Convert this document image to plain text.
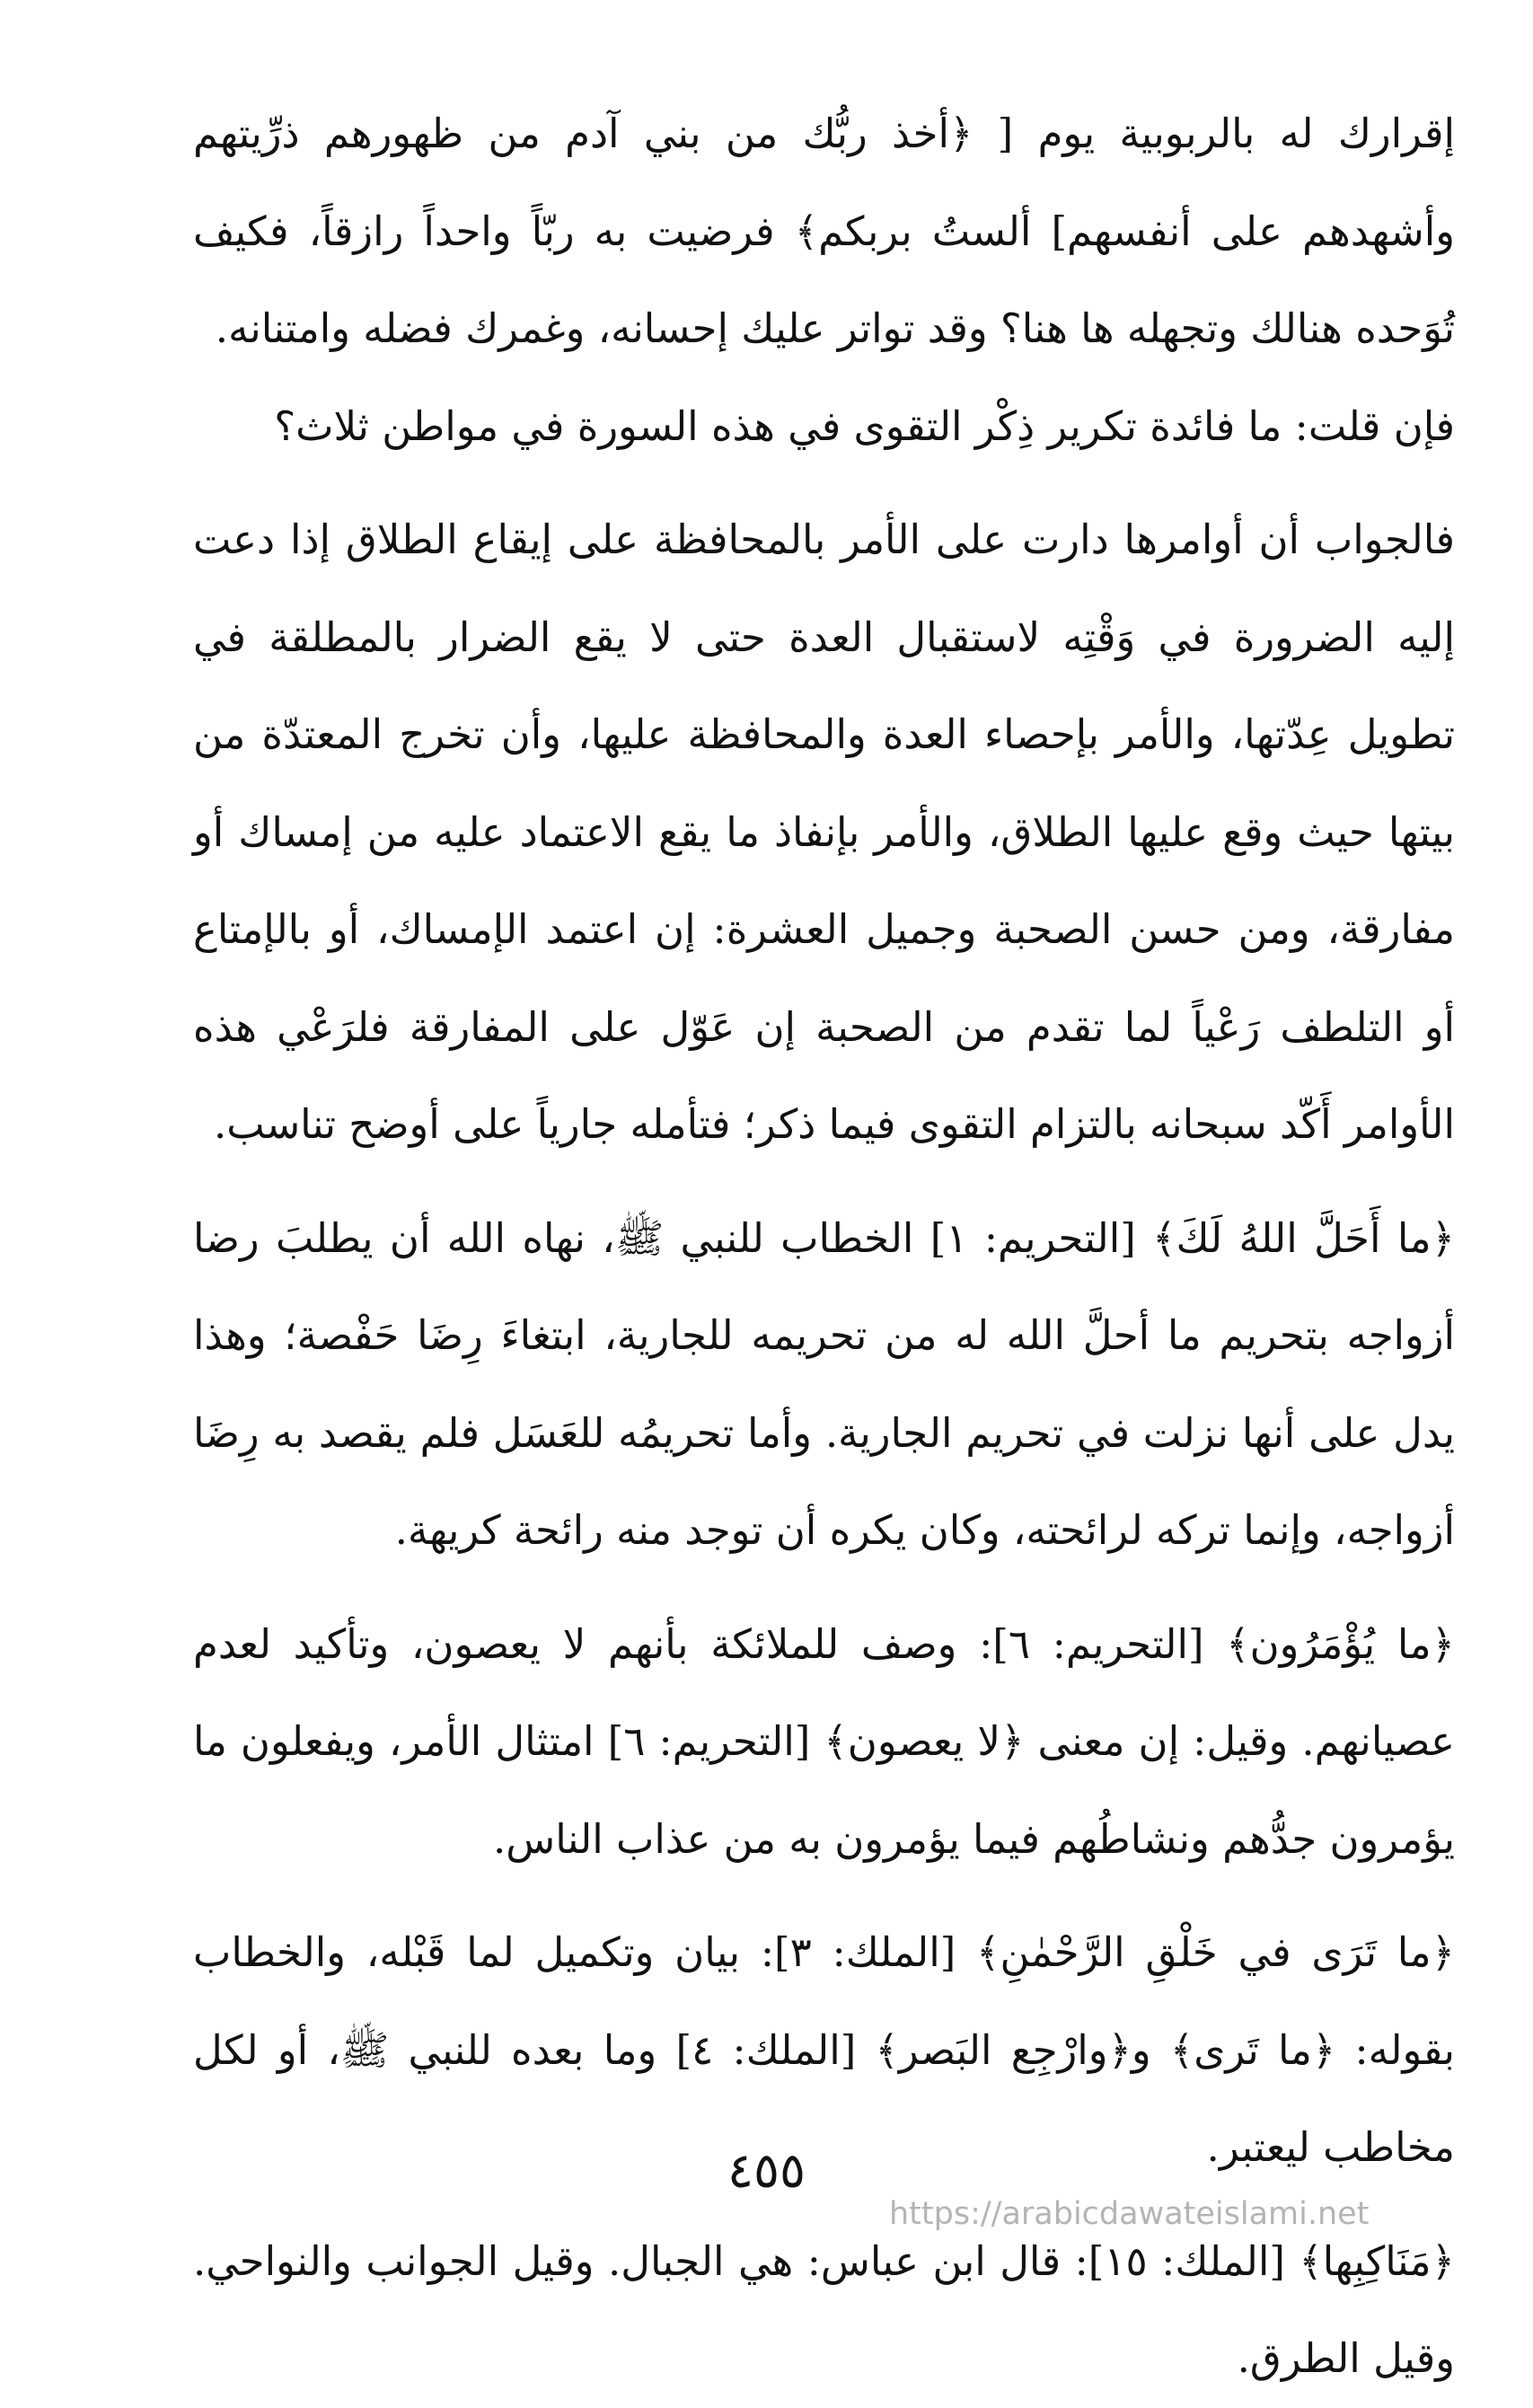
إقرارك له بالربوبية يوم [ ﴿أخذ ربُّك من بني آدم من ظهورهم ذرِّيتهم وأشهدهم على أنفسهم] ألستُ بربكم﴾ فرضيت به ربّاً واحداً رازقاً، فكيف تُوَحده هنالك وتجهله ها هنا؟ وقد تواتر عليك إحسانه، وغمرك فضله وامتنانه.

فإن قلت: ما فائدة تكرير ذِكْر التقوى في هذه السورة في مواطن ثلاث؟

فالجواب أن أوامرها دارت على الأمر بالمحافظة على إيقاع الطلاق إذا دعت إليه الضرورة في وَقْتِه لاستقبال العدة حتى لا يقع الضرار بالمطلقة في تطويل عِدّتها، والأمر بإحصاء العدة والمحافظة عليها، وأن تخرج المعتدّة من بيتها حيث وقع عليها الطلاق، والأمر بإنفاذ ما يقع الاعتماد عليه من إمساك أو مفارقة، ومن حسن الصحبة وجميل العشرة: إن اعتمد الإمساك، أو بالإمتاع أو التلطف رَعْياً لما تقدم من الصحبة إن عَوّل على المفارقة فلرَعْي هذه الأوامر أَكّد سبحانه بالتزام التقوى فيما ذكر؛ فتأمله جارياً على أوضح تناسب.

﴿ما أَحَلَّ اللهُ لَكَ﴾ [التحريم: ١] الخطاب للنبي ﷺ، نهاه الله أن يطلبَ رضا أزواجه بتحريم ما أحلَّ الله له من تحريمه للجارية، ابتغاءَ رِضَا حَفْصة؛ وهذا يدل على أنها نزلت في تحريم الجارية. وأما تحريمُه للعَسَل فلم يقصد به رِضَا أزواجه، وإنما تركه لرائحته، وكان يكره أن توجد منه رائحة كريهة.

﴿ما يُؤْمَرُون﴾ [التحريم: ٦]: وصف للملائكة بأنهم لا يعصون، وتأكيد لعدم عصيانهم. وقيل: إن معنى ﴿لا يعصون﴾ [التحريم: ٦] امتثال الأمر، ويفعلون ما يؤمرون جدُّهم ونشاطُهم فيما يؤمرون به من عذاب الناس.

﴿ما تَرَى في خَلْقِ الرَّحْمٰنِ﴾ [الملك: ٣]: بيان وتكميل لما قَبْله، والخطاب بقوله: ﴿ما تَرى﴾ و﴿وارْجِع البَصر﴾ [الملك: ٤] وما بعده للنبي ﷺ، أو لكل مخاطب ليعتبر.

﴿مَنَاكِبِها﴾ [الملك: ١٥]: قال ابن عباس: هي الجبال. وقيل الجوانب والنواحي. وقيل الطرق.

٤٥٥
https://arabicdawateislami.net
